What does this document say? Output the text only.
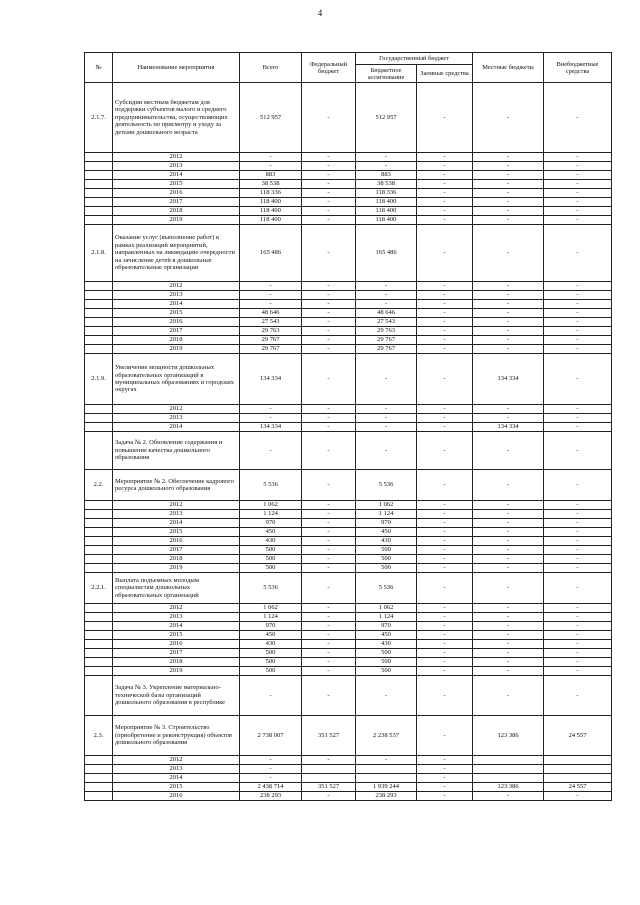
4
№	Наименование мероприятия	Всего	Федеральный бюджет	Государственный бюджет		Местные бюджеты	Внебюджетные средства
				Бюджетное ассигнование	Заемные средства		
2.1.7.	Субсидии местным бюджетам для поддержки субъектов малого и среднего предпринимательства, осуществляющих деятельность по присмотру и уходу за детьми дошкольного возраста	512 957	-	512 957	-	-	-
	2012	-	-	-	-	-	-
	2013	-	-	-	-	-	-
	2014	883	-	883	-	-	-
	2015	38 538	-	38 538	-	-	-
	2016	118 336	-	118 336	-	-	-
	2017	118 400	-	118 400	-	-	-
	2018	118 400	-	118 400	-	-	-
	2019	118 400	-	118 400	-	-	-
2.1.8.	Оказание услуг (выполнение работ) в рамках реализаций мероприятий, направленных на ликвидацию очередности на зачисление детей в дошкольные образовательные организации	165 486	-	165 486	-	-	-
	2012	-	-	-	-	-	-
	2013	-	-	-	-	-	-
	2014	-	-	-	-	-	-
	2015	48 646	-	48 646	-	-	-
	2016	27 543	-	27 543	-	-	-
	2017	29 763	-	29 763	-	-	-
	2018	29 767	-	29 767	-	-	-
	2019	29 767	-	29 767	-	-	-
2.1.9.	Увеличение мощности дошкольных образовательных организаций в муниципальных образованиях и городских округах	134 334	-	-	-	134 334	-
	2012	-	-	-	-	-	-
	2013	-	-	-	-	-	-
	2014	134 334	-	-	-	134 334	-
	Задача № 2. Обновление содержания и повышение качества дошкольного образования	-	-	-	-	-	-
2.2.	Мероприятие № 2. Обеспечение кадрового ресурса дошкольного образования	5 536	-	5 536	-	-	-
	2012	1 062	-	1 062	-	-	-
	2013	1 124	-	1 124	-	-	-
	2014	970	-	970	-	-	-
	2015	450	-	450	-	-	-
	2016	430	-	430	-	-	-
	2017	500	-	500	-	-	-
	2018	500	-	500	-	-	-
	2019	500	-	500	-	-	-
2.2.1.	Выплата подъемных молодым специалистам дошкольных образовательных организаций	5 536	-	5 536	-	-	-
	2012	1 062	-	1 062	-	-	-
	2013	1 124	-	1 124	-	-	-
	2014	970	-	970	-	-	-
	2015	450	-	450	-	-	-
	2016	430	-	430	-	-	-
	2017	500	-	500	-	-	-
	2018	500	-	500	-	-	-
	2019	500	-	500	-	-	-
	Задача № 3. Укрепление материально-технической базы организаций дошкольного образования в республике	-	-	-	-	-	-
2.3.	Мероприятие № 3. Строительство (приобретение и реконструкция) объектов дошкольного образования	2 738 007	351 527	2 238 537	-	123 386	24 557
	2012	-	-	-	-		
	2013	-			-		
	2014	-			-		
	2015	2 438 714	351 527	1 939 244	-	123 386	24 557
	2016	238 293	-	238 293	-	-	-
